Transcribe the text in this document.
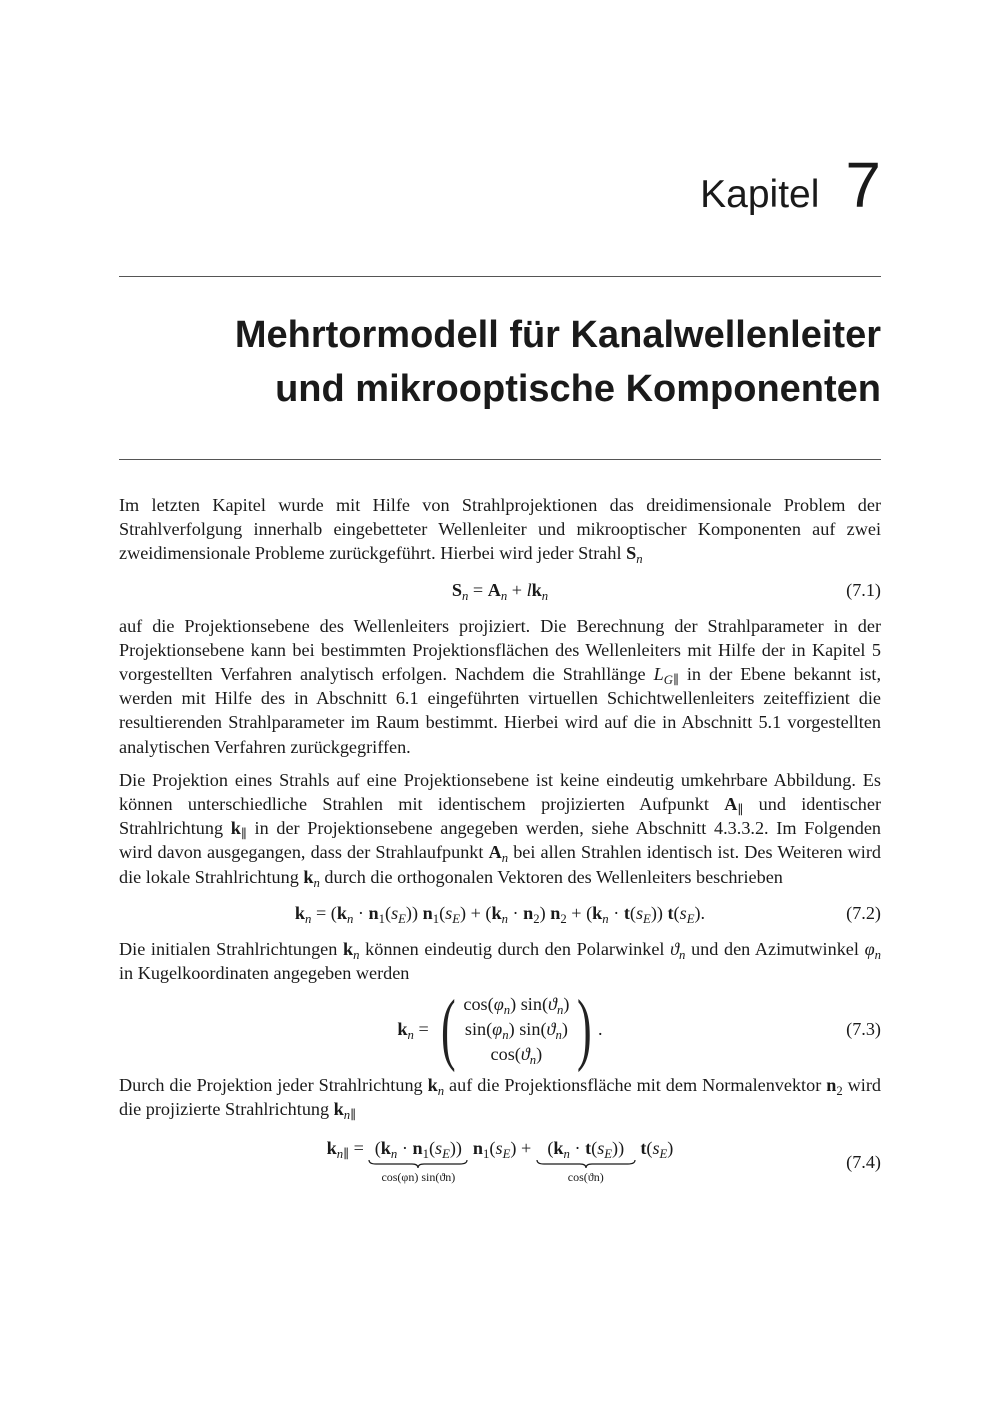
Kapitel 7
Mehrtormodell für Kanalwellenleiter
und mikrooptische Komponenten

Im letzten Kapitel wurde mit Hilfe von Strahlprojektionen das dreidimensionale Problem der Strahlverfolgung innerhalb eingebetteter Wellenleiter und mikrooptischer Komponenten auf zwei zweidimensionale Probleme zurückgeführt. Hierbei wird jeder Strahl $S_n$

$S_n = A_n + lk_n$	(7.1)

auf die Projektionsebene des Wellenleiters projiziert. Die Berechnung der Strahlparameter in der Projektionsebene kann bei bestimmten Projektionsflächen des Wellenleiters mit Hilfe der in Kapitel 5 vorgestellten Verfahren analytisch erfolgen. Nachdem die Strahllänge $L_{G\parallel}$ in der Ebene bekannt ist, werden mit Hilfe des in Abschnitt 6.1 eingeführten virtuellen Schichtwellenleiters zeiteffizient die resultierenden Strahlparameter im Raum bestimmt. Hierbei wird auf die in Abschnitt 5.1 vorgestellten analytischen Verfahren zurückgegriffen.

Die Projektion eines Strahls auf eine Projektionsebene ist keine eindeutig umkehrbare Abbildung. Es können unterschiedliche Strahlen mit identischem projizierten Aufpunkt $A_\parallel$ und identischer Strahlrichtung $k_\parallel$ in der Projektionsebene angegeben werden, siehe Abschnitt 4.3.3.2. Im Folgenden wird davon ausgegangen, dass der Strahlaufpunkt $A_n$ bei allen Strahlen identisch ist. Des Weiteren wird die lokale Strahlrichtung $k_n$ durch die orthogonalen Vektoren des Wellenleiters beschrieben

$k_n = (k_n \cdot n_1(s_E)) n_1(s_E) + (k_n \cdot n_2) n_2 + (k_n \cdot t(s_E))$ $t(s_E)$.	(7.2)

Die initialen Strahlrichtungen $k_n$ können eindeutig durch den Polarwinkel $ϑ_n$ und den Azimutwinkel $\varphi_n$ in Kugelkoordinaten angegeben werden

$k_n$ = ( $\cos(\varphi_n)$ $\sin(ϑ_n)$
$\sin(\varphi_n)$ $\sin(ϑ_n)$
$\cos(ϑ_n)$ ) .	(7.3)

Durch die Projektion jeder Strahlrichtung $k_n$ auf die Projektionsfläche mit dem Normalenvektor $n_2$ wird die projizierte Strahlrichtung $k_{n\parallel}$

$k_{n\parallel} = (k_n \cdot n_1(s_E))$
cos(φn) sin(ϑn)
$n_1(s_E) + (k_n \cdot t(s_E))$
cos(ϑn)
$t(s_E)$
(7.4)
